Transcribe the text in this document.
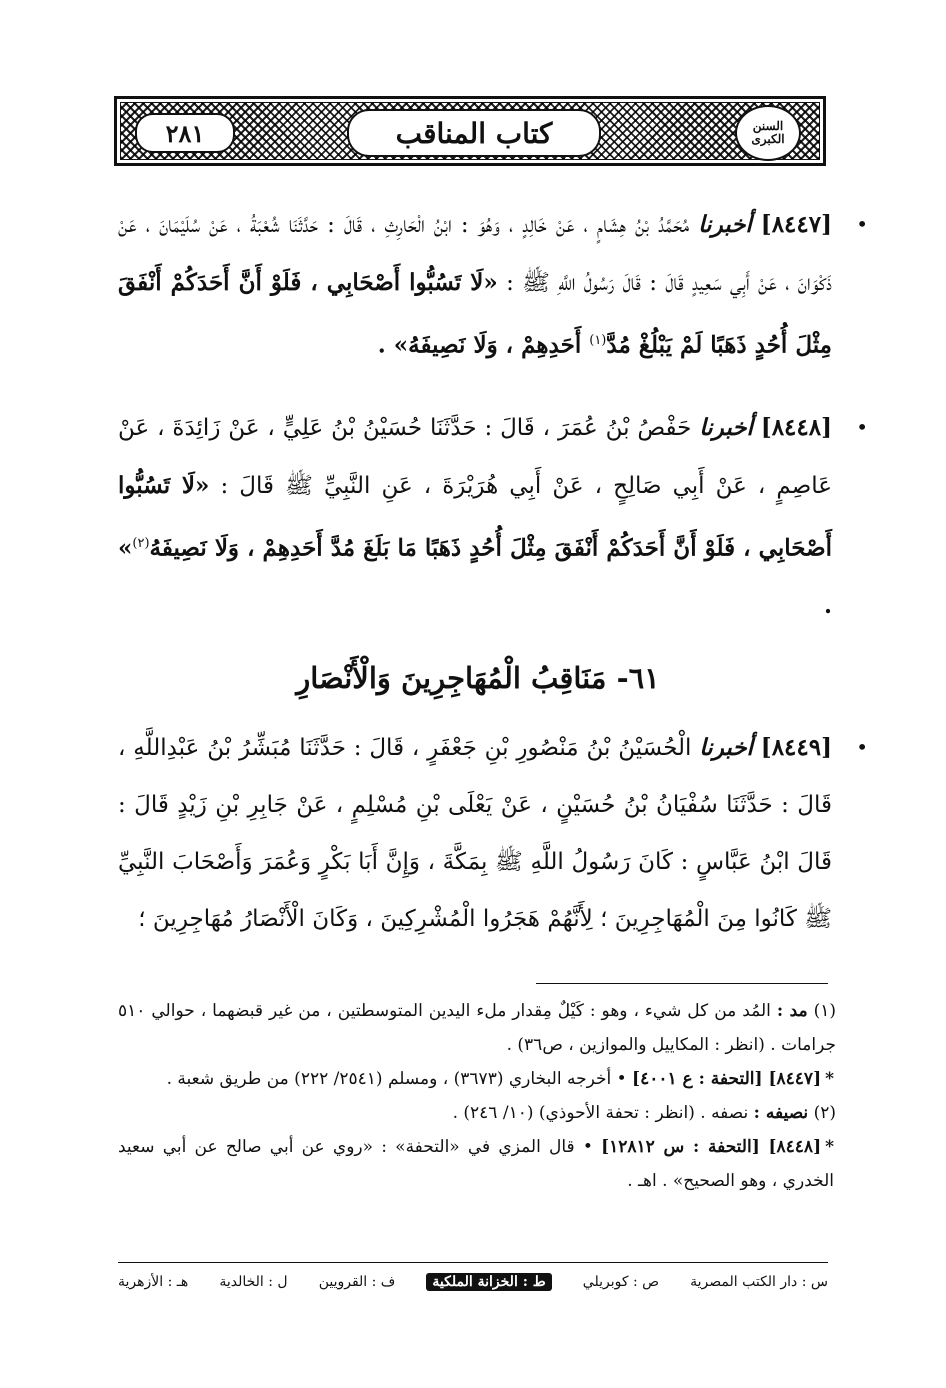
٢٨١	كتاب المناقب	السنن الكبرى
•
[٨٤٤٧] أخبرنا مُحَمَّدُ بْنُ هِشَامٍ ، عَنْ خَالِدٍ ، وَهُوَ : ابْنُ الْحَارِثِ ، قَالَ : حَدَّثَنَا شُعْبَةُ ، عَنْ سُلَيْمَانَ ، عَنْ ذَكْوَانَ ، عَنْ أَبِي سَعِيدٍ قَالَ : قَالَ رَسُولُ اللَّهِ ﷺ : «لَا تَسُبُّوا أَصْحَابِي ، فَلَوْ أَنَّ أَحَدَكُمْ أَنْفَقَ مِثْلَ أُحُدٍ ذَهَبًا لَمْ يَبْلُغْ مُدَّ$^{(١)}$ أَحَدِهِمْ ، وَلَا نَصِيفَهُ» .
•
[٨٤٤٨] أخبرنا حَفْصُ بْنُ عُمَرَ ، قَالَ : حَدَّثَنَا حُسَيْنُ بْنُ عَلِيٍّ ، عَنْ زَائِدَةَ ، عَنْ عَاصِمٍ ، عَنْ أَبِي صَالِحٍ ، عَنْ أَبِي هُرَيْرَةَ ، عَنِ النَّبِيِّ ﷺ قَالَ : «لَا تَسُبُّوا أَصْحَابِي ، فَلَوْ أَنَّ أَحَدَكُمْ أَنْفَقَ مِثْلَ أُحُدٍ ذَهَبًا مَا بَلَغَ مُدَّ أَحَدِهِمْ ، وَلَا نَصِيفَهُ$^{(٢)}$» .
٦١- مَنَاقِبُ الْمُهَاجِرِينَ وَالْأَنْصَارِ
•
[٨٤٤٩] أخبرنا الْحُسَيْنُ بْنُ مَنْصُورِ بْنِ جَعْفَرٍ ، قَالَ : حَدَّثَنَا مُبَشِّرُ بْنُ عَبْدِاللَّهِ ، قَالَ : حَدَّثَنَا سُفْيَانُ بْنُ حُسَيْنٍ ، عَنْ يَعْلَى بْنِ مُسْلِمٍ ، عَنْ جَابِرِ بْنِ زَيْدٍ قَالَ : قَالَ ابْنُ عَبَّاسٍ : كَانَ رَسُولُ اللَّهِ ﷺ بِمَكَّةَ ، وَإِنَّ أَبَا بَكْرٍ وَعُمَرَ وَأَصْحَابَ النَّبِيِّ ﷺ كَانُوا مِنَ الْمُهَاجِرِينَ ؛ لِأَنَّهُمْ هَجَرُوا الْمُشْرِكِينَ ، وَكَانَ الْأَنْصَارُ مُهَاجِرِينَ ؛

(١) مد : المُد من كل شيء ، وهو : كَيْلٌ مِقدار ملء اليدين المتوسطتين ، من غير قبضهما ، حوالي ٥١٠ جرامات . (انظر : المكاييل والموازين ، ص٣٦) .

*[٨٤٤٧] [التحفة : ع ٤٠٠١] • أخرجه البخاري (٣٦٧٣) ، ومسلم (٢٥٤١/ ٢٢٢) من طريق شعبة .

(٢) نصيفه : نصفه . (انظر : تحفة الأحوذي) (١٠/ ٢٤٦) .

*[٨٤٤٨] [التحفة : س ١٢٨١٢] • قال المزي في «التحفة» : «روي عن أبي صالح عن أبي سعيد الخدري ، وهو الصحيح» . اهـ .

س : دار الكتب المصرية
ص : كوبريلي
ط : الخزانة الملكية
ف : القرويين
ل : الخالدية
هـ : الأزهرية
